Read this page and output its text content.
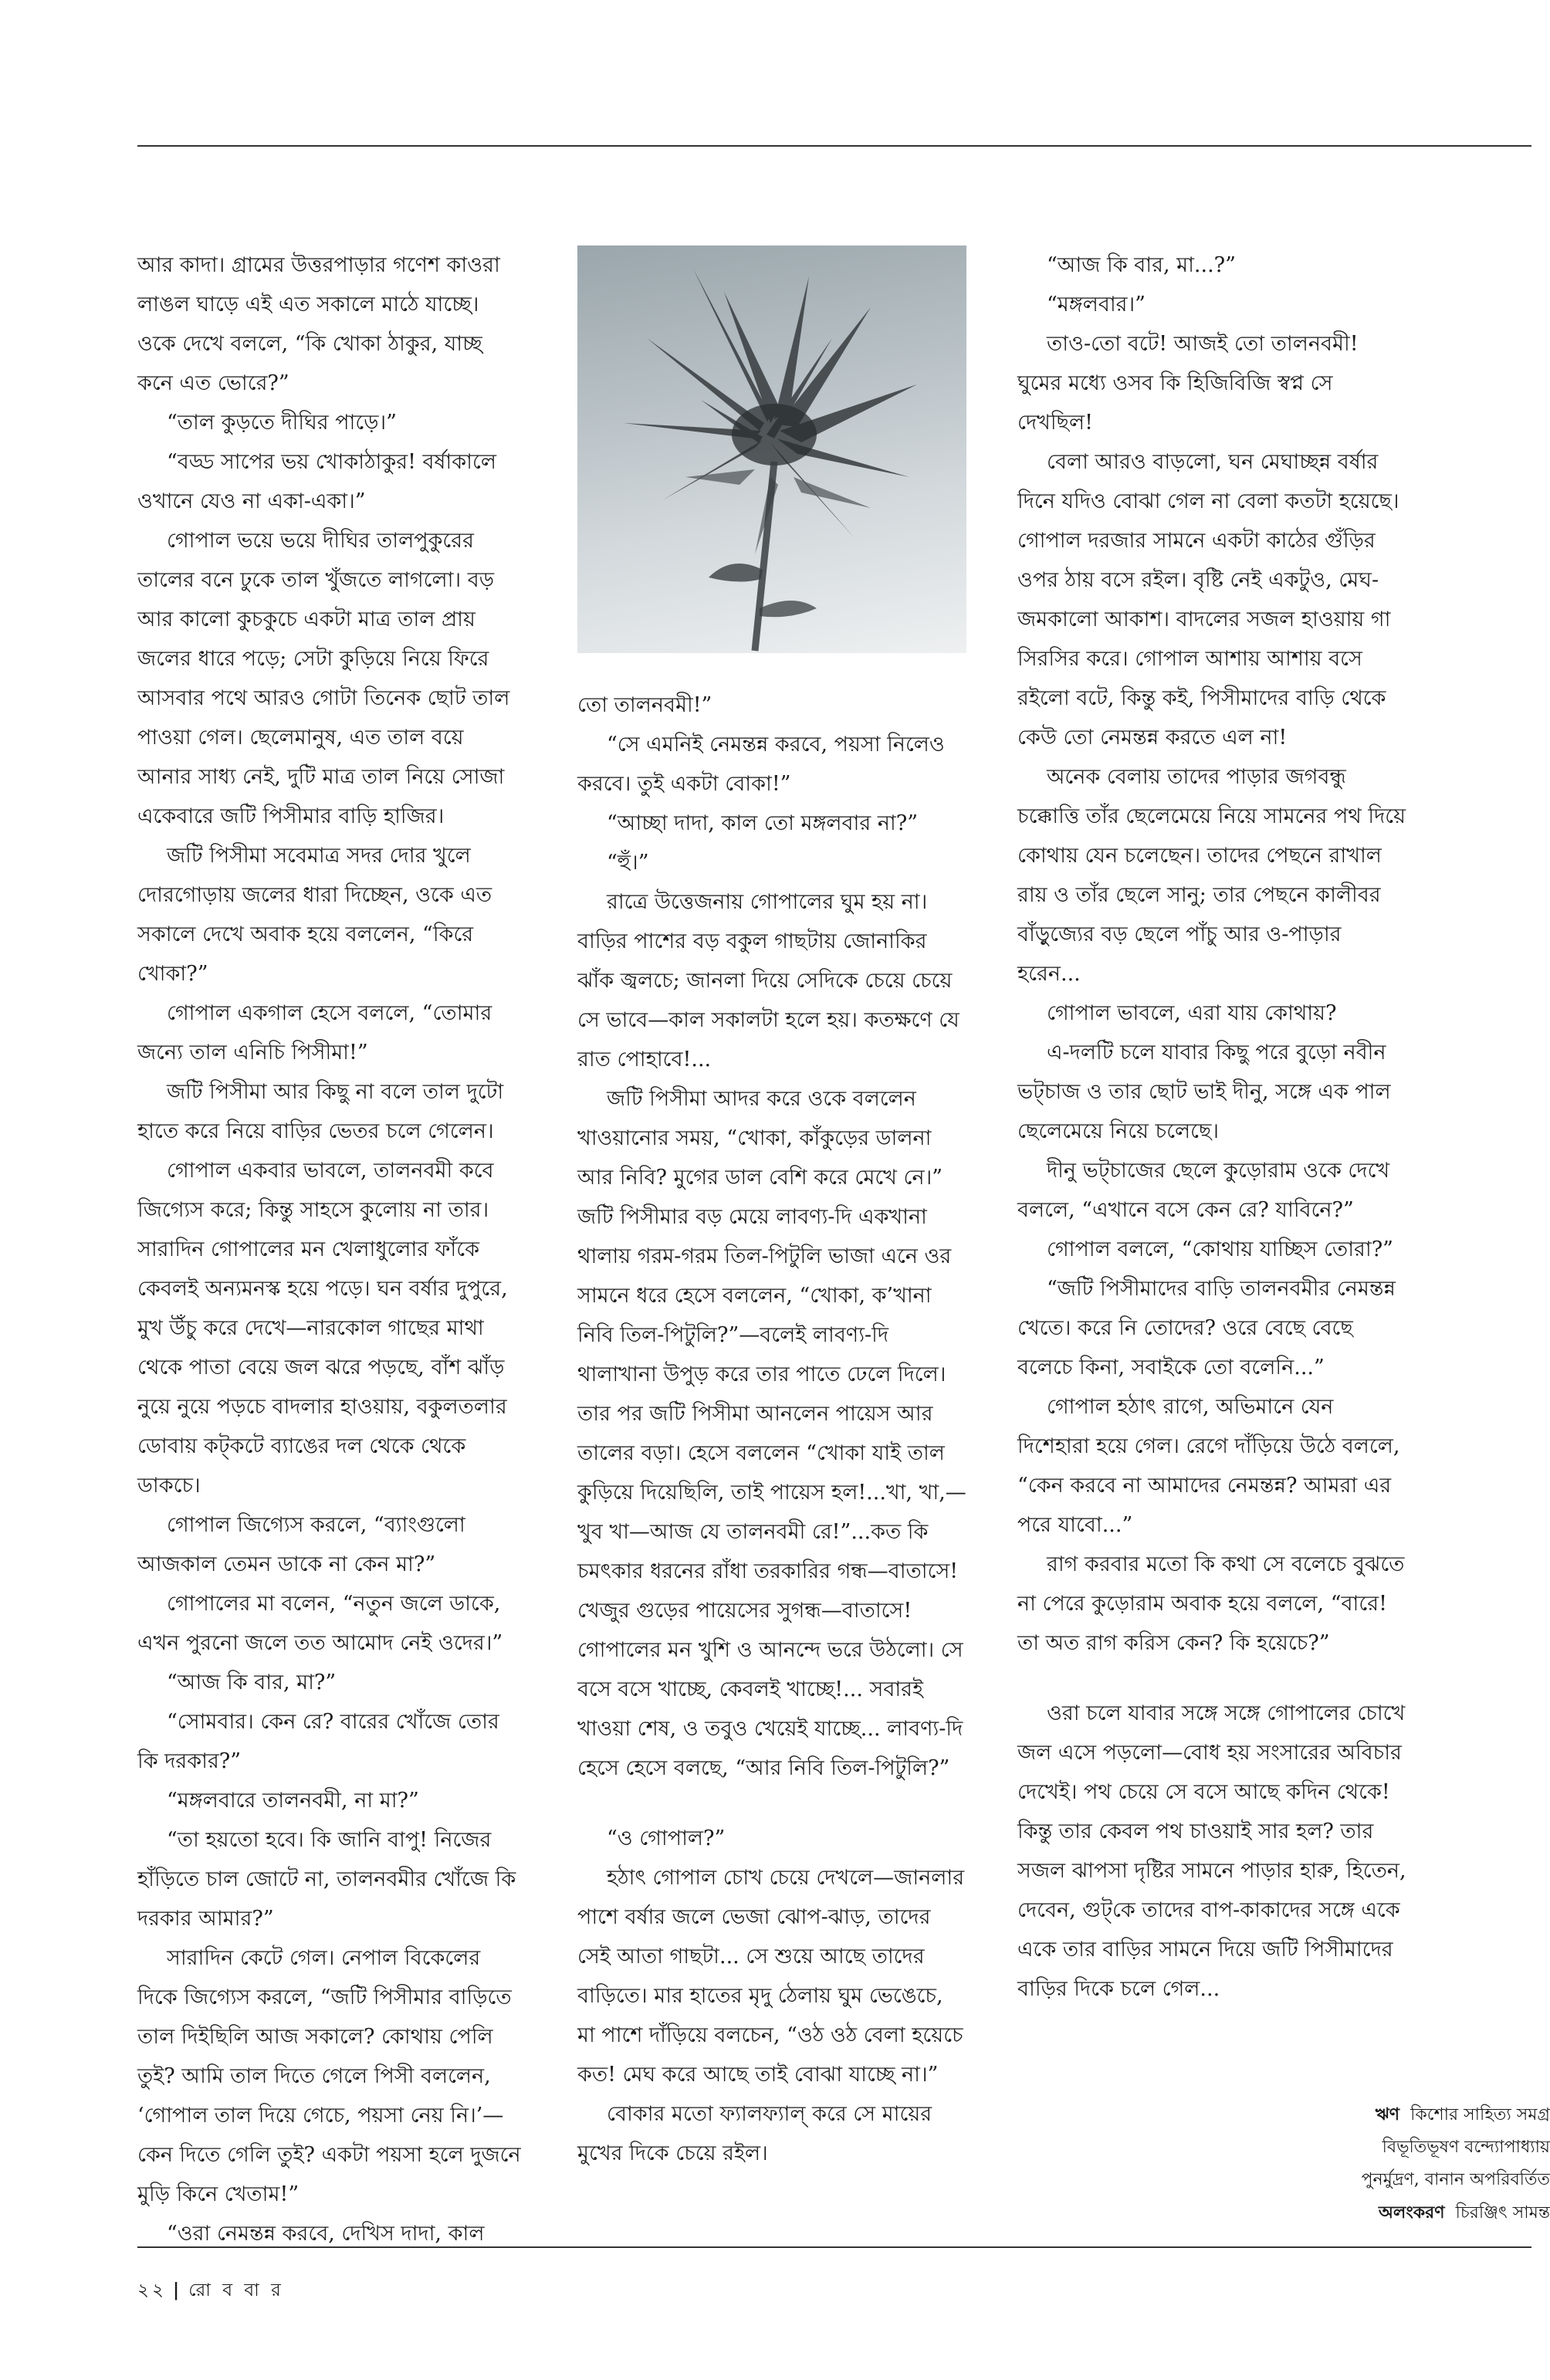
আর কাদা। গ্রামের উত্তরপাড়ার গণেশ কাওরা লাঙল ঘাড়ে এই এত সকালে মাঠে যাচ্ছে। ওকে দেখে বললে, “কি খোকা ঠাকুর, যাচ্ছ কনে এত ভোরে?”

“তাল কুড়তে দীঘির পাড়ে।”

“বড্ড সাপের ভয় খোকাঠাকুর! বর্ষাকালে ওখানে যেও না একা-একা।”

গোপাল ভয়ে ভয়ে দীঘির তালপুকুরের তালের বনে ঢুকে তাল খুঁজতে লাগলো। বড় আর কালো কুচকুচে একটা মাত্র তাল প্রায় জলের ধারে পড়ে; সেটা কুড়িয়ে নিয়ে ফিরে আসবার পথে আরও গোটা তিনেক ছোট তাল পাওয়া গেল। ছেলেমানুষ, এত তাল বয়ে আনার সাধ্য নেই, দুটি মাত্র তাল নিয়ে সোজা একেবারে জটি পিসীমার বাড়ি হাজির।

জটি পিসীমা সবেমাত্র সদর দোর খুলে দোরগোড়ায় জলের ধারা দিচ্ছেন, ওকে এত সকালে দেখে অবাক হয়ে বললেন, “কিরে খোকা?”

গোপাল একগাল হেসে বললে, “তোমার জন্যে তাল এনিচি পিসীমা!”

জটি পিসীমা আর কিছু না বলে তাল দুটো হাতে করে নিয়ে বাড়ির ভেতর চলে গেলেন।

গোপাল একবার ভাবলে, তালনবমী কবে জিগ্যেস করে; কিন্তু সাহসে কুলোয় না তার। সারাদিন গোপালের মন খেলাধুলোর ফাঁকে কেবলই অন্যমনস্ক হয়ে পড়ে। ঘন বর্ষার দুপুরে, মুখ উঁচু করে দেখে—নারকোল গাছের মাথা থেকে পাতা বেয়ে জল ঝরে পড়ছে, বাঁশ ঝাঁড় নুয়ে নুয়ে পড়চে বাদলার হাওয়ায়, বকুলতলার ডোবায় কট্‌কটে ব্যাঙের দল থেকে থেকে ডাকচে।

গোপাল জিগ্যেস করলে, “ব্যাংগুলো আজকাল তেমন ডাকে না কেন মা?”

গোপালের মা বলেন, “নতুন জলে ডাকে, এখন পুরনো জলে তত আমোদ নেই ওদের।”

“আজ কি বার, মা?”

“সোমবার। কেন রে? বারের খোঁজে তোর কি দরকার?”

“মঙ্গলবারে তালনবমী, না মা?”

“তা হয়তো হবে। কি জানি বাপু! নিজের হাঁড়িতে চাল জোটে না, তালনবমীর খোঁজে কি দরকার আমার?”

সারাদিন কেটে গেল। নেপাল বিকেলের দিকে জিগ্যেস করলে, “জটি পিসীমার বাড়িতে তাল দিইছিলি আজ সকালে? কোথায় পেলি তুই? আমি তাল দিতে গেলে পিসী বললেন, ‘গোপাল তাল দিয়ে গেচে, পয়সা নেয় নি।’—কেন দিতে গেলি তুই? একটা পয়সা হলে দুজনে মুড়ি কিনে খেতাম!”

“ওরা নেমন্তন্ন করবে, দেখিস দাদা, কাল

তো তালনবমী!”

“সে এমনিই নেমন্তন্ন করবে, পয়সা নিলেও করবে। তুই একটা বোকা!”

“আচ্ছা দাদা, কাল তো মঙ্গলবার না?”

“হুঁ।”

রাত্রে উত্তেজনায় গোপালের ঘুম হয় না। বাড়ির পাশের বড় বকুল গাছটায় জোনাকির ঝাঁক জ্বলচে; জানলা দিয়ে সেদিকে চেয়ে চেয়ে সে ভাবে—কাল সকালটা হলে হয়। কতক্ষণে যে রাত পোহাবে!...

জটি পিসীমা আদর করে ওকে বললেন খাওয়ানোর সময়, “খোকা, কাঁকুড়ের ডালনা আর নিবি? মুগের ডাল বেশি করে মেখে নে।” জটি পিসীমার বড় মেয়ে লাবণ্য-দি একখানা থালায় গরম-গরম তিল-পিটুলি ভাজা এনে ওর সামনে ধরে হেসে বললেন, “খোকা, ক’খানা নিবি তিল-পিটুলি?”—বলেই লাবণ্য-দি থালাখানা উপুড় করে তার পাতে ঢেলে দিলে। তার পর জটি পিসীমা আনলেন পায়েস আর তালের বড়া। হেসে বললেন “খোকা যাই তাল কুড়িয়ে দিয়েছিলি, তাই পায়েস হল!...খা, খা,—খুব খা—আজ যে তালনবমী রে!”...কত কি চমৎকার ধরনের রাঁধা তরকারির গন্ধ—বাতাসে! খেজুর গুড়ের পায়েসের সুগন্ধ—বাতাসে! গোপালের মন খুশি ও আনন্দে ভরে উঠলো। সে বসে বসে খাচ্ছে, কেবলই খাচ্ছে!... সবারই খাওয়া শেষ, ও তবুও খেয়েই যাচ্ছে... লাবণ্য-দি হেসে হেসে বলছে, “আর নিবি তিল-পিটুলি?”

“ও গোপাল?”

হঠাৎ গোপাল চোখ চেয়ে দেখলে—জানলার পাশে বর্ষার জলে ভেজা ঝোপ-ঝাড়, তাদের সেই আতা গাছটা... সে শুয়ে আছে তাদের বাড়িতে। মার হাতের মৃদু ঠেলায় ঘুম ভেঙেচে, মা পাশে দাঁড়িয়ে বলচেন, “ওঠ ওঠ বেলা হয়েচে কত! মেঘ করে আছে তাই বোঝা যাচ্ছে না।”

বোকার মতো ফ্যালফ্যাল্‌ করে সে মায়ের মুখের দিকে চেয়ে রইল।

“আজ কি বার, মা...?”

“মঙ্গলবার।”

তাও-তো বটে! আজই তো তালনবমী! ঘুমের মধ্যে ওসব কি হিজিবিজি স্বপ্ন সে দেখছিল!

বেলা আরও বাড়লো, ঘন মেঘাচ্ছন্ন বর্ষার দিনে যদিও বোঝা গেল না বেলা কতটা হয়েছে। গোপাল দরজার সামনে একটা কাঠের গুঁড়ির ওপর ঠায় বসে রইল। বৃষ্টি নেই একটুও, মেঘ-জমকালো আকাশ। বাদলের সজল হাওয়ায় গা সিরসির করে। গোপাল আশায় আশায় বসে রইলো বটে, কিন্তু কই, পিসীমাদের বাড়ি থেকে কেউ তো নেমন্তন্ন করতে এল না!

অনেক বেলায় তাদের পাড়ার জগবন্ধু চক্কোত্তি তাঁর ছেলেমেয়ে নিয়ে সামনের পথ দিয়ে কোথায় যেন চলেছেন। তাদের পেছনে রাখাল রায় ও তাঁর ছেলে সানু; তার পেছনে কালীবর বাঁড়ুজ্যের বড় ছেলে পাঁচু আর ও-পাড়ার হরেন...

গোপাল ভাবলে, এরা যায় কোথায়?

এ-দলটি চলে যাবার কিছু পরে বুড়ো নবীন ভট্‌চাজ ও তার ছোট ভাই দীনু, সঙ্গে এক পাল ছেলেমেয়ে নিয়ে চলেছে।

দীনু ভট্‌চাজের ছেলে কুড়োরাম ওকে দেখে বললে, “এখানে বসে কেন রে? যাবিনে?”

গোপাল বললে, “কোথায় যাচ্ছিস তোরা?”

“জটি পিসীমাদের বাড়ি তালনবমীর নেমন্তন্ন খেতে। করে নি তোদের? ওরে বেছে বেছে বলেচে কিনা, সবাইকে তো বলেনি...”

গোপাল হঠাৎ রাগে, অভিমানে যেন দিশেহারা হয়ে গেল। রেগে দাঁড়িয়ে উঠে বললে, “কেন করবে না আমাদের নেমন্তন্ন? আমরা এর পরে যাবো...”

রাগ করবার মতো কি কথা সে বলেচে বুঝতে না পেরে কুড়োরাম অবাক হয়ে বললে, “বারে! তা অত রাগ করিস কেন? কি হয়েচে?”

ওরা চলে যাবার সঙ্গে সঙ্গে গোপালের চোখে জল এসে পড়লো—বোধ হয় সংসারের অবিচার দেখেই। পথ চেয়ে সে বসে আছে কদিন থেকে! কিন্তু তার কেবল পথ চাওয়াই সার হল? তার সজল ঝাপসা দৃষ্টির সামনে পাড়ার হারু, হিতেন, দেবেন, গুট্‌কে তাদের বাপ-কাকাদের সঙ্গে একে একে তার বাড়ির সামনে দিয়ে জটি পিসীমাদের বাড়ির দিকে চলে গেল...

ঋণ কিশোর সাহিত্য সমগ্র
বিভূতিভূষণ বন্দ্যোপাধ্যায়
পুনর্মুদ্রণ, বানান অপরিবর্তিত
অলংকরণ চিরঞ্জিৎ সামন্ত
২২ | রো ব বা র
